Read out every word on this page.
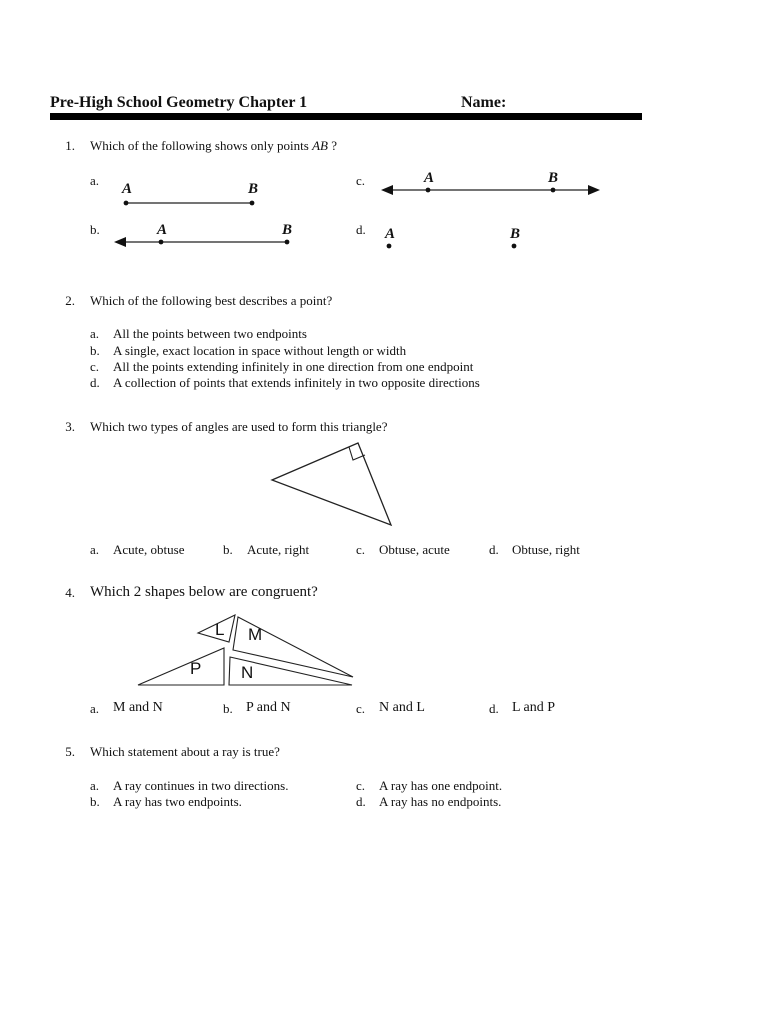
Pre-High School Geometry Chapter 1	Name:
1. Which of the following shows only points AB ?
a.
A	B
b.	A	B
c.	A	B
d. A	B
2. Which of the following best describes a point?
a. All the points between two endpoints
b. A single, exact location in space without length or width
c. All the points extending infinitely in one direction from one endpoint
d. A collection of points that extends infinitely in two opposite directions
3. Which two types of angles are used to form this triangle?
a. Acute, obtuse	b. Acute, right	c. Obtuse, acute	d. Obtuse, right
4. Which 2 shapes below are congruent?
L M
P N
a. M and N	b. P and N	c. N and L	d. L and P
5. Which statement about a ray is true?
a. A ray continues in two directions.
b. A ray has two endpoints.
c. A ray has one endpoint.
d. A ray has no endpoints.
